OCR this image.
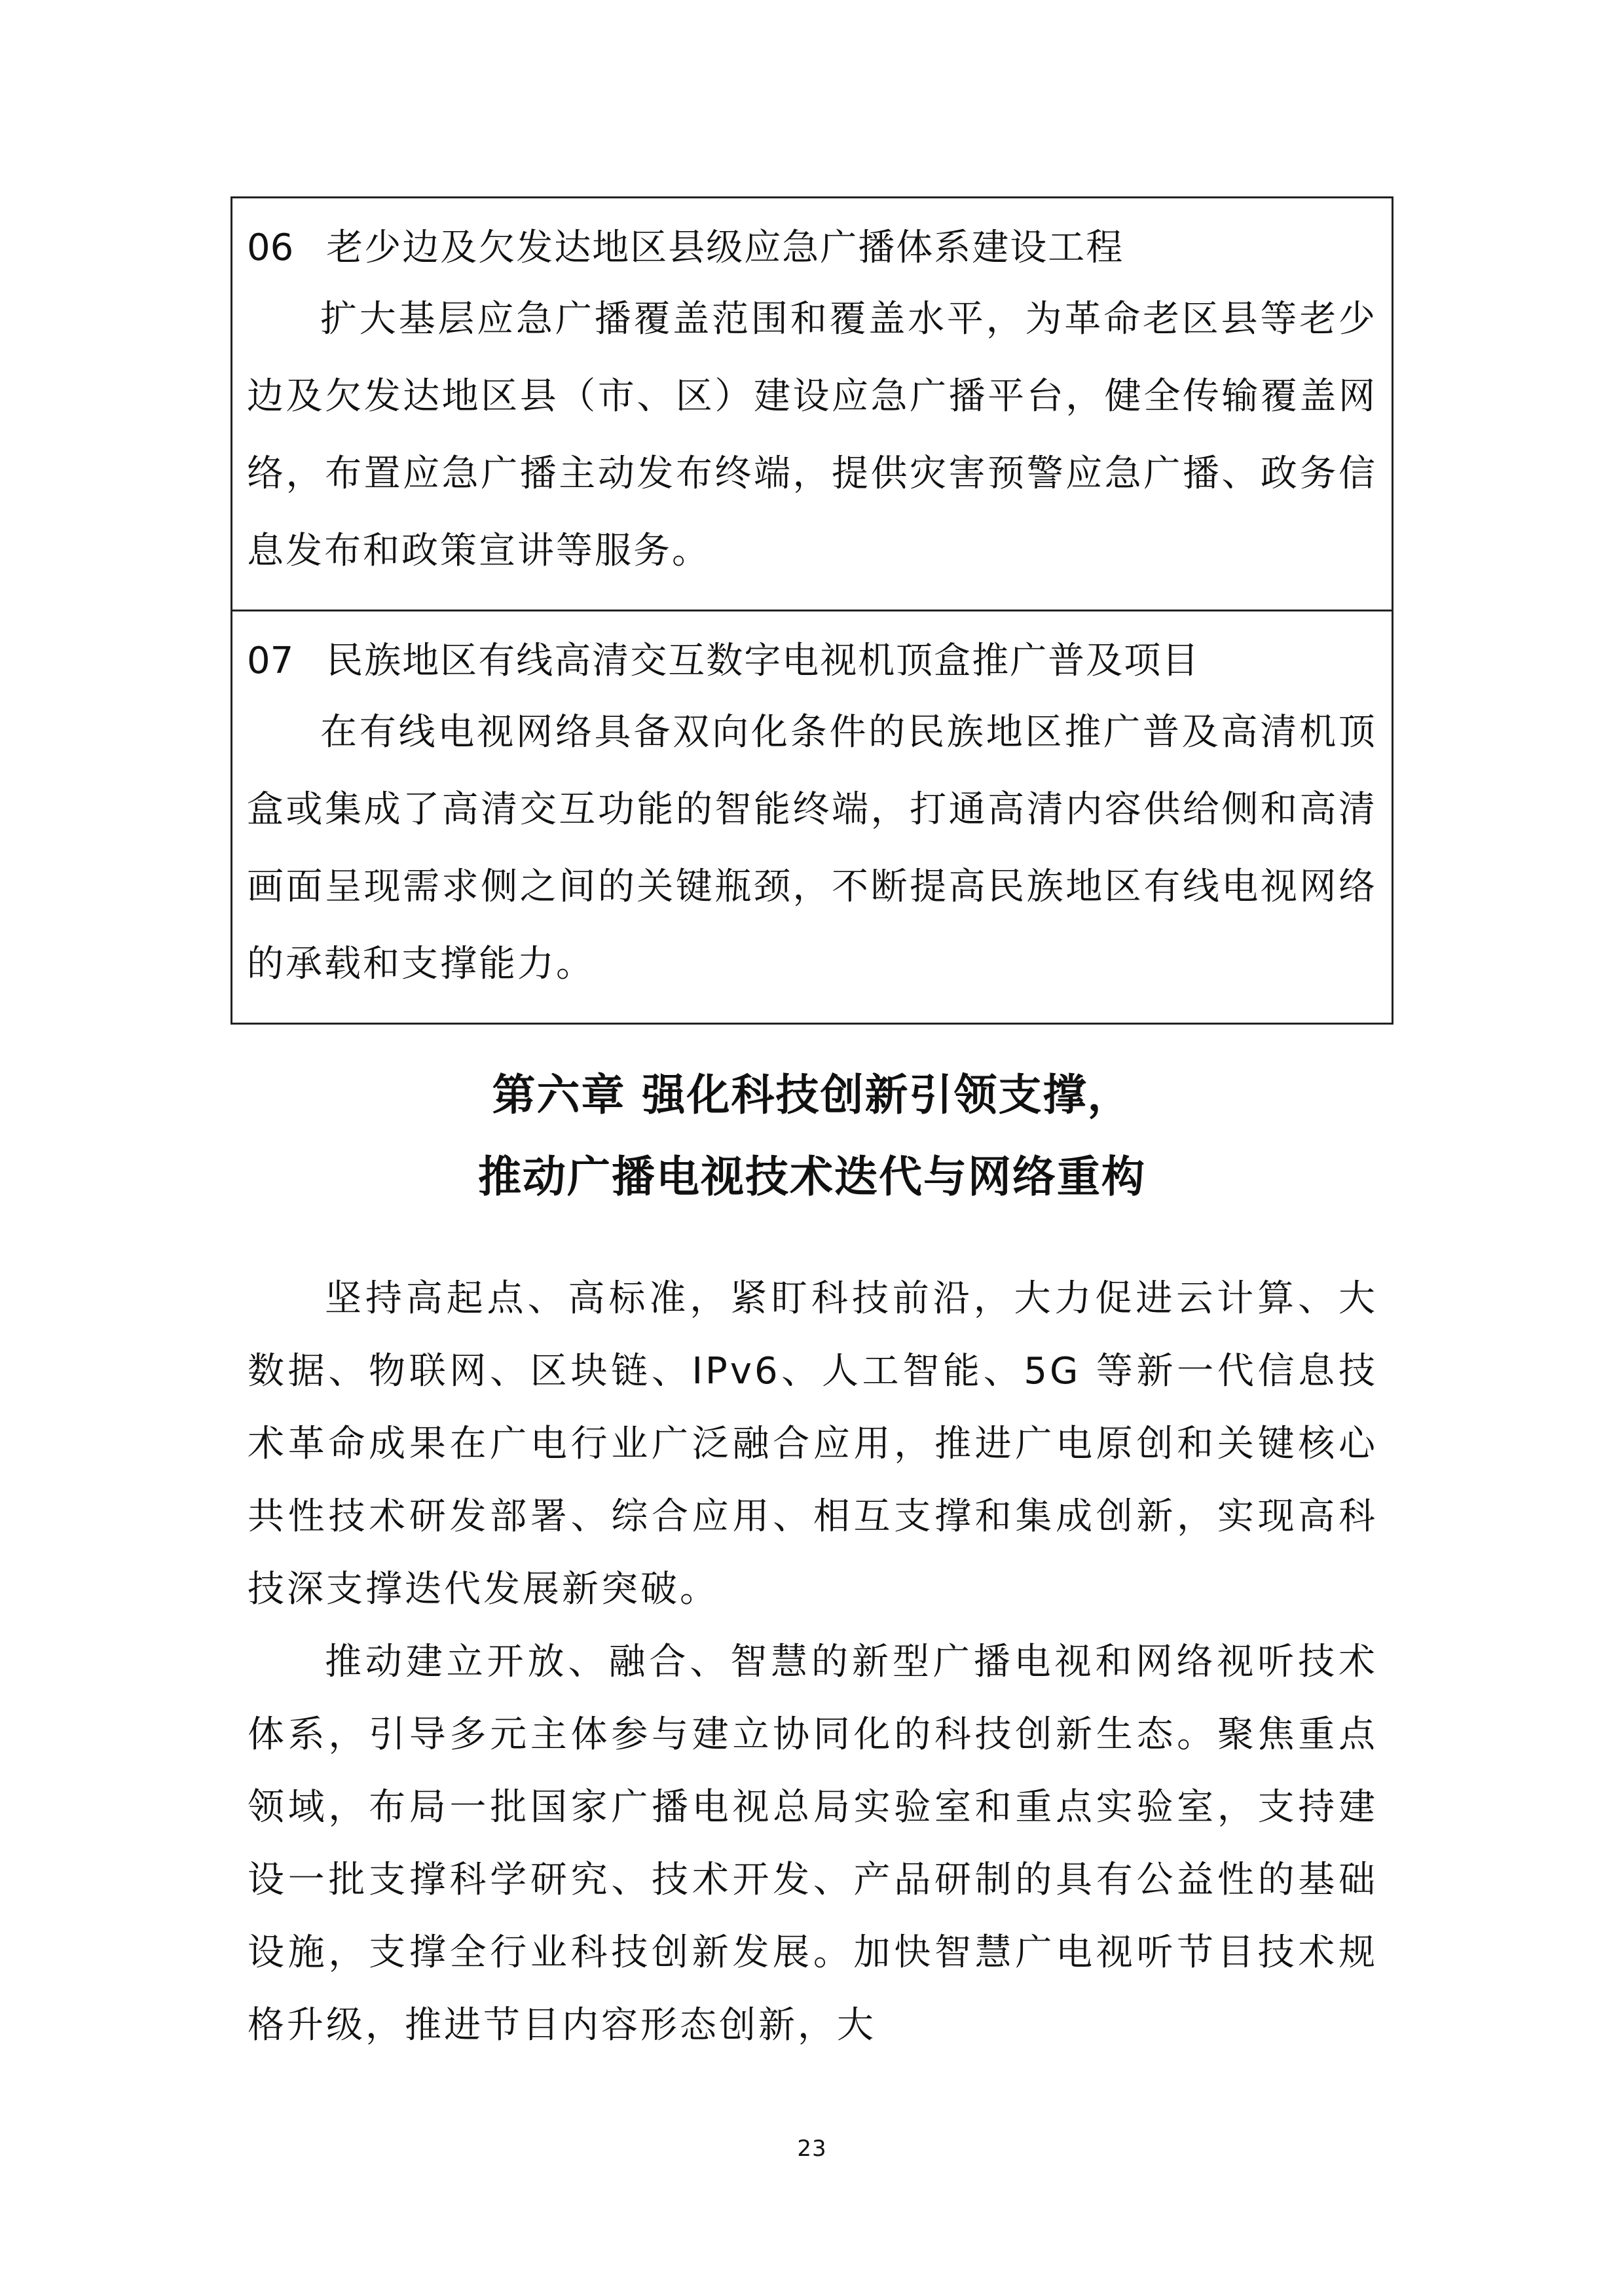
06 老少边及欠发达地区县级应急广播体系建设工程
扩大基层应急广播覆盖范围和覆盖水平，为革命老区县等老少边及欠发达地区县（市、区）建设应急广播平台，健全传输覆盖网络，布置应急广播主动发布终端，提供灾害预警应急广播、政务信息发布和政策宣讲等服务。
07 民族地区有线高清交互数字电视机顶盒推广普及项目
在有线电视网络具备双向化条件的民族地区推广普及高清机顶盒或集成了高清交互功能的智能终端，打通高清内容供给侧和高清画面呈现需求侧之间的关键瓶颈，不断提高民族地区有线电视网络的承载和支撑能力。
第六章 强化科技创新引领支撑，
推动广播电视技术迭代与网络重构

坚持高起点、高标准，紧盯科技前沿，大力促进云计算、大数据、物联网、区块链、IPv6、人工智能、5G 等新一代信息技术革命成果在广电行业广泛融合应用，推进广电原创和关键核心共性技术研发部署、综合应用、相互支撑和集成创新，实现高科技深支撑迭代发展新突破。

推动建立开放、融合、智慧的新型广播电视和网络视听技术体系，引导多元主体参与建立协同化的科技创新生态。聚焦重点领域，布局一批国家广播电视总局实验室和重点实验室，支持建设一批支撑科学研究、技术开发、产品研制的具有公益性的基础设施，支撑全行业科技创新发展。加快智慧广电视听节目技术规格升级，推进节目内容形态创新，大

23
